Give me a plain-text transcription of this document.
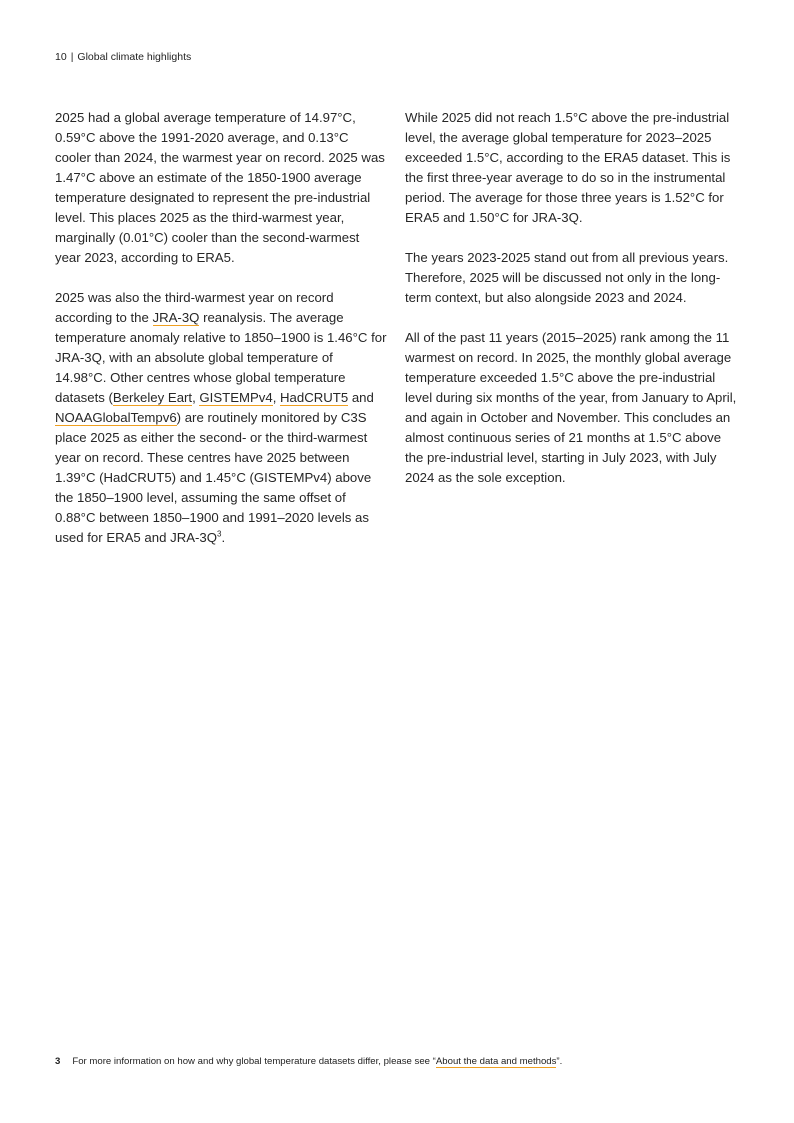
10 | Global climate highlights

2025 had a global average temperature of 14.97°C, 0.59°C above the 1991-2020 average, and 0.13°C cooler than 2024, the warmest year on record. 2025 was 1.47°C above an estimate of the 1850-1900 average temperature designated to represent the pre-industrial level. This places 2025 as the third-warmest year, marginally (0.01°C) cooler than the second-warmest year 2023, according to ERA5.

2025 was also the third-warmest year on record according to the JRA-3Q reanalysis. The average temperature anomaly relative to 1850–1900 is 1.46°C for JRA-3Q, with an absolute global temperature of 14.98°C. Other centres whose global temperature datasets (Berkeley Eart, GISTEMPv4, HadCRUT5 and NOAAGlobalTempv6) are routinely monitored by C3S place 2025 as either the second- or the third-warmest year on record. These centres have 2025 between 1.39°C (HadCRUT5) and 1.45°C (GISTEMPv4) above the 1850–1900 level, assuming the same offset of 0.88°C between 1850–1900 and 1991–2020 levels as used for ERA5 and JRA-$3Q^3$.

While 2025 did not reach 1.5°C above the pre-industrial level, the average global temperature for 2023–2025 exceeded 1.5°C, according to the ERA5 dataset. This is the first three-year average to do so in the instrumental period. The average for those three years is 1.52°C for ERA5 and 1.50°C for JRA-3Q.

The years 2023-2025 stand out from all previous years. Therefore, 2025 will be discussed not only in the long-term context, but also alongside 2023 and 2024.

All of the past 11 years (2015–2025) rank among the 11 warmest on record. In 2025, the monthly global average temperature exceeded 1.5°C above the pre-industrial level during six months of the year, from January to April, and again in October and November. This concludes an almost continuous series of 21 months at 1.5°C above the pre-industrial level, starting in July 2023, with July 2024 as the sole exception.

3 For more information on how and why global temperature datasets differ, please see “About the data and methods”.
